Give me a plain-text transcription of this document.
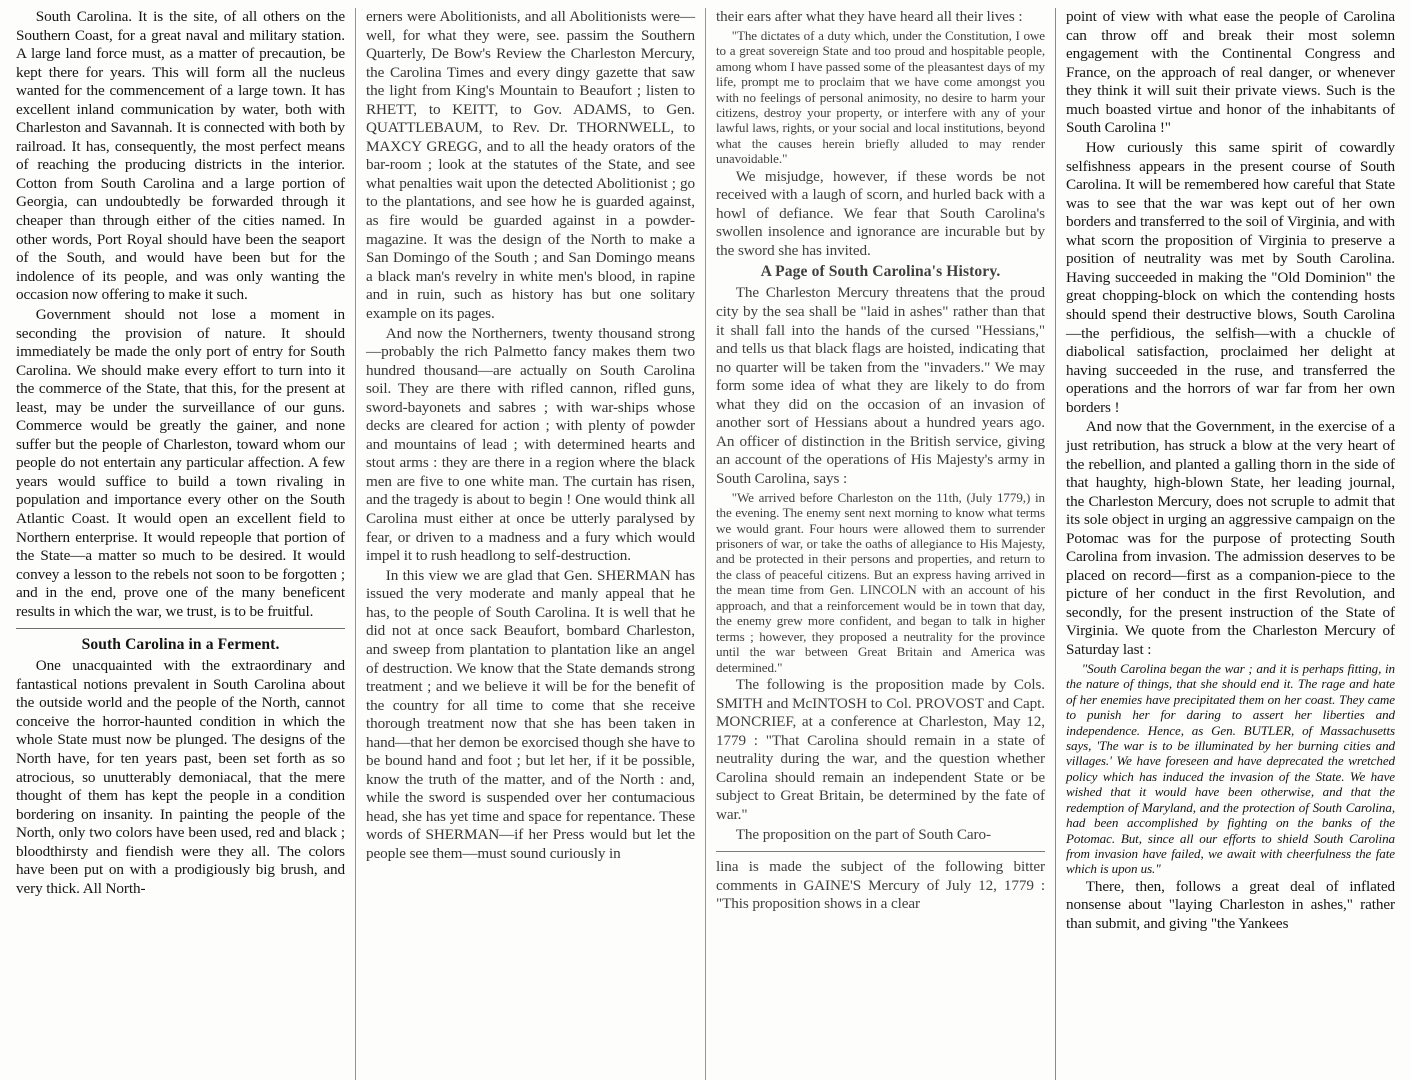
South Carolina. It is the site, of all others on the Southern Coast, for a great naval and military station. A large land force must, as a matter of precaution, be kept there for years. This will form all the nucleus wanted for the commencement of a large town. It has excellent inland communication by water, both with Charleston and Savannah. It is connected with both by railroad. It has, consequently, the most perfect means of reaching the producing districts in the interior. Cotton from South Carolina and a large portion of Georgia, can undoubtedly be forwarded through it cheaper than through either of the cities named. In other words, Port Royal should have been the seaport of the South, and would have been but for the indolence of its people, and was only wanting the occasion now offering to make it such.

Government should not lose a moment in seconding the provision of nature. It should immediately be made the only port of entry for South Carolina. We should make every effort to turn into it the commerce of the State, that this, for the present at least, may be under the surveillance of our guns. Commerce would be greatly the gainer, and none suffer but the people of Charleston, toward whom our people do not entertain any particular affection. A few years would suffice to build a town rivaling in population and importance every other on the South Atlantic Coast. It would open an excellent field to Northern enterprise. It would repeople that portion of the State—a matter so much to be desired. It would convey a lesson to the rebels not soon to be forgotten ; and in the end, prove one of the many beneficent results in which the war, we trust, is to be fruitful.

South Carolina in a Ferment.

One unacquainted with the extraordinary and fantastical notions prevalent in South Carolina about the outside world and the people of the North, cannot conceive the horror-haunted condition in which the whole State must now be plunged. The designs of the North have, for ten years past, been set forth as so atrocious, so unutterably demoniacal, that the mere thought of them has kept the people in a condition bordering on insanity. In painting the people of the North, only two colors have been used, red and black ; bloodthirsty and fiendish were they all. The colors have been put on with a prodigiously big brush, and very thick. All North-

erners were Abolitionists, and all Abolitionists were—well, for what they were, see. passim the Southern Quarterly, De Bow's Review the Charleston Mercury, the Carolina Times and every dingy gazette that saw the light from King's Mountain to Beaufort ; listen to RHETT, to KEITT, to Gov. ADAMS, to Gen. QUATTLEBAUM, to Rev. Dr. THORNWELL, to MAXCY GREGG, and to all the heady orators of the bar-room ; look at the statutes of the State, and see what penalties wait upon the detected Abolitionist ; go to the plantations, and see how he is guarded against, as fire would be guarded against in a powder-magazine. It was the design of the North to make a San Domingo of the South ; and San Domingo means a black man's revelry in white men's blood, in rapine and in ruin, such as history has but one solitary example on its pages.

And now the Northerners, twenty thousand strong—probably the rich Palmetto fancy makes them two hundred thousand—are actually on South Carolina soil. They are there with rifled cannon, rifled guns, sword-bayonets and sabres ; with war-ships whose decks are cleared for action ; with plenty of powder and mountains of lead ; with determined hearts and stout arms : they are there in a region where the black men are five to one white man. The curtain has risen, and the tragedy is about to begin ! One would think all Carolina must either at once be utterly paralysed by fear, or driven to a madness and a fury which would impel it to rush headlong to self-destruction.

In this view we are glad that Gen. SHERMAN has issued the very moderate and manly appeal that he has, to the people of South Carolina. It is well that he did not at once sack Beaufort, bombard Charleston, and sweep from plantation to plantation like an angel of destruction. We know that the State demands strong treatment ; and we believe it will be for the benefit of the country for all time to come that she receive thorough treatment now that she has been taken in hand—that her demon be exorcised though she have to be bound hand and foot ; but let her, if it be possible, know the truth of the matter, and of the North : and, while the sword is suspended over her contumacious head, she has yet time and space for repentance. These words of SHERMAN—if her Press would but let the people see them—must sound curiously in

their ears after what they have heard all their lives :

"The dictates of a duty which, under the Constitution, I owe to a great sovereign State and too proud and hospitable people, among whom I have passed some of the pleasantest days of my life, prompt me to proclaim that we have come amongst you with no feelings of personal animosity, no desire to harm your citizens, destroy your property, or interfere with any of your lawful laws, rights, or your social and local institutions, beyond what the causes herein briefly alluded to may render unavoidable."

We misjudge, however, if these words be not received with a laugh of scorn, and hurled back with a howl of defiance. We fear that South Carolina's swollen insolence and ignorance are incurable but by the sword she has invited.

A Page of South Carolina's History.

The Charleston Mercury threatens that the proud city by the sea shall be "laid in ashes" rather than that it shall fall into the hands of the cursed "Hessians," and tells us that black flags are hoisted, indicating that no quarter will be taken from the "invaders." We may form some idea of what they are likely to do from what they did on the occasion of an invasion of another sort of Hessians about a hundred years ago. An officer of distinction in the British service, giving an account of the operations of His Majesty's army in South Carolina, says :

"We arrived before Charleston on the 11th, (July 1779,) in the evening. The enemy sent next morning to know what terms we would grant. Four hours were allowed them to surrender prisoners of war, or take the oaths of allegiance to His Majesty, and be protected in their persons and properties, and return to the class of peaceful citizens. But an express having arrived in the mean time from Gen. LINCOLN with an account of his approach, and that a reinforcement would be in town that day, the enemy grew more confident, and began to talk in higher terms ; however, they proposed a neutrality for the province until the war between Great Britain and America was determined."

The following is the proposition made by Cols. SMITH and McINTOSH to Col. PROVOST and Capt. MONCRIEF, at a conference at Charleston, May 12, 1779 : "That Carolina should remain in a state of neutrality during the war, and the question whether Carolina should remain an independent State or be subject to Great Britain, be determined by the fate of war."

The proposition on the part of South Caro-

lina is made the subject of the following bitter comments in GAINE'S Mercury of July 12, 1779 : "This proposition shows in a clear

point of view with what ease the people of Carolina can throw off and break their most solemn engagement with the Continental Congress and France, on the approach of real danger, or whenever they think it will suit their private views. Such is the much boasted virtue and honor of the inhabitants of South Carolina !"

How curiously this same spirit of cowardly selfishness appears in the present course of South Carolina. It will be remembered how careful that State was to see that the war was kept out of her own borders and transferred to the soil of Virginia, and with what scorn the proposition of Virginia to preserve a position of neutrality was met by South Carolina. Having succeeded in making the "Old Dominion" the great chopping-block on which the contending hosts should spend their destructive blows, South Carolina—the perfidious, the selfish—with a chuckle of diabolical satisfaction, proclaimed her delight at having succeeded in the ruse, and transferred the operations and the horrors of war far from her own borders !

And now that the Government, in the exercise of a just retribution, has struck a blow at the very heart of the rebellion, and planted a galling thorn in the side of that haughty, high-blown State, her leading journal, the Charleston Mercury, does not scruple to admit that its sole object in urging an aggressive campaign on the Potomac was for the purpose of protecting South Carolina from invasion. The admission deserves to be placed on record—first as a companion-piece to the picture of her conduct in the first Revolution, and secondly, for the present instruction of the State of Virginia. We quote from the Charleston Mercury of Saturday last :

"South Carolina began the war ; and it is perhaps fitting, in the nature of things, that she should end it. The rage and hate of her enemies have precipitated them on her coast. They came to punish her for daring to assert her liberties and independence. Hence, as Gen. BUTLER, of Massachusetts says, 'The war is to be illuminated by her burning cities and villages.' We have foreseen and have deprecated the wretched policy which has induced the invasion of the State. We have wished that it would have been otherwise, and that the redemption of Maryland, and the protection of South Carolina, had been accomplished by fighting on the banks of the Potomac. But, since all our efforts to shield South Carolina from invasion have failed, we await with cheerfulness the fate which is upon us."

There, then, follows a great deal of inflated nonsense about "laying Charleston in ashes," rather than submit, and giving "the Yankees
